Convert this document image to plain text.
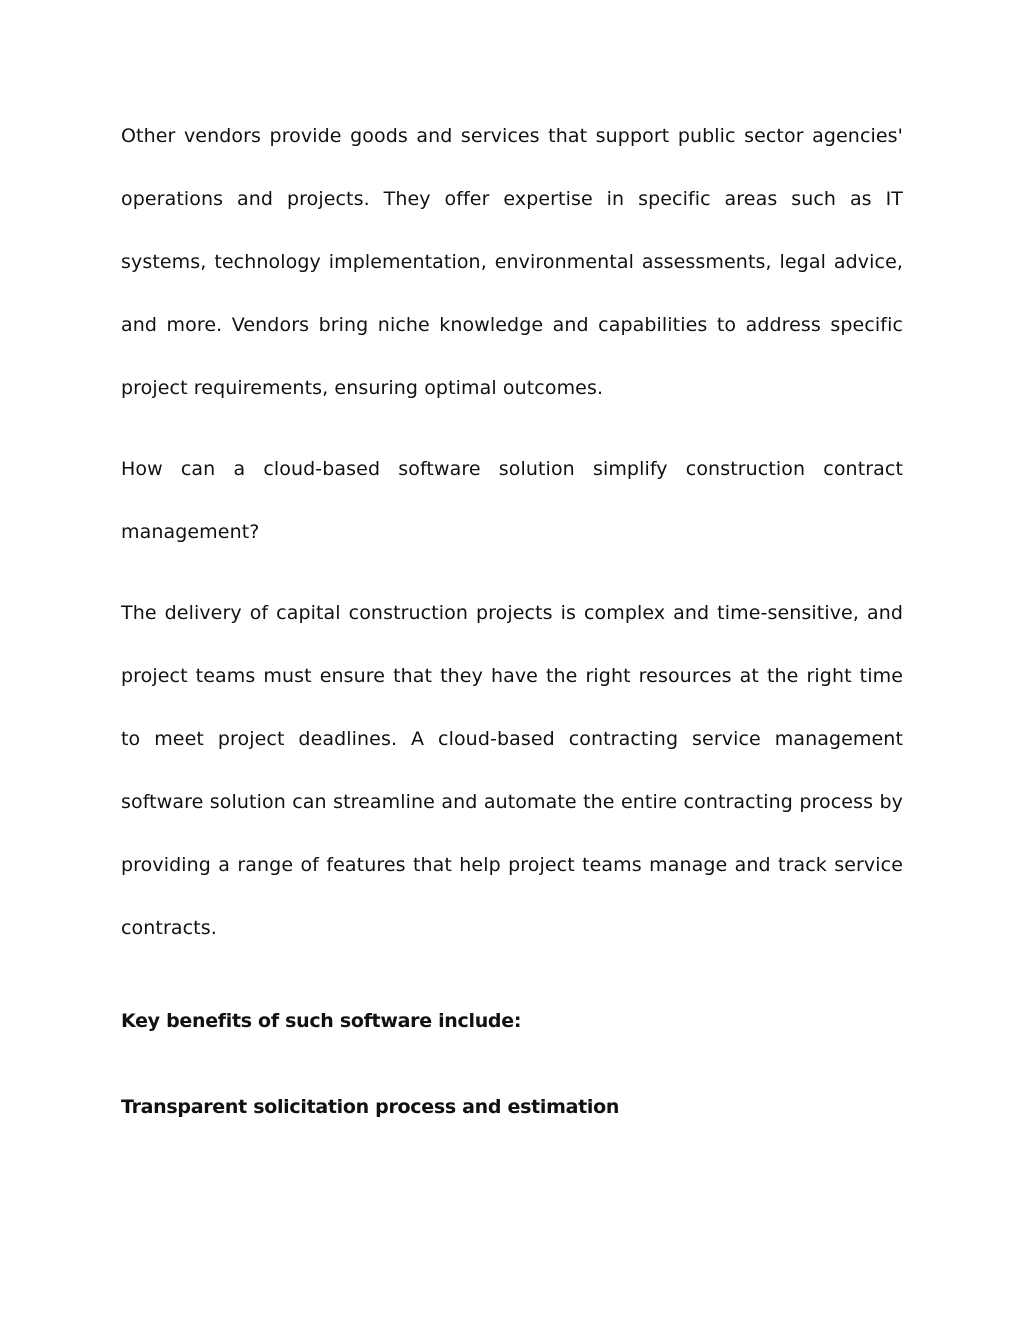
Other vendors provide goods and services that support public sector agencies' operations and projects. They offer expertise in specific areas such as IT systems, technology implementation, environmental assessments, legal advice, and more. Vendors bring niche knowledge and capabilities to address specific project requirements, ensuring optimal outcomes.

How can a cloud-based software solution simplify construction contract management?

The delivery of capital construction projects is complex and time-sensitive, and project teams must ensure that they have the right resources at the right time to meet project deadlines. A cloud-based contracting service management software solution can streamline and automate the entire contracting process by providing a range of features that help project teams manage and track service contracts.

Key benefits of such software include:
Transparent solicitation process and estimation
